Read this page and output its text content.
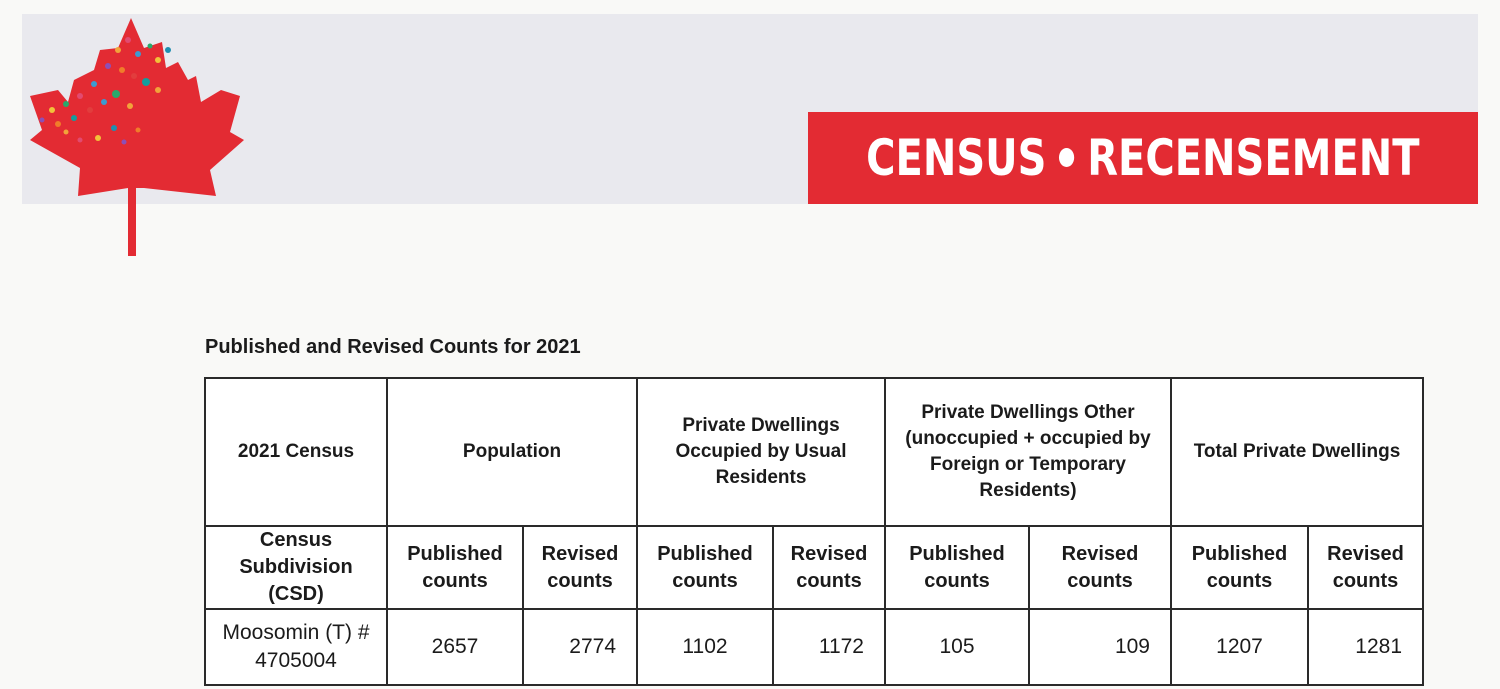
CENSUS RECENSEMENT
Published and Revised Counts for 2021
2021 Census	Population		Private Dwellings Occupied by Usual Residents		Private Dwellings Other (unoccupied + occupied by Foreign or Temporary Residents)		Total Private Dwellings	
Census Subdivision (CSD)	Published counts	Revised counts	Published counts	Revised counts	Published counts	Revised counts	Published counts	Revised counts
Moosomin (T) # 4705004	2657	2774	1102	1172	105	109	1207	1281
